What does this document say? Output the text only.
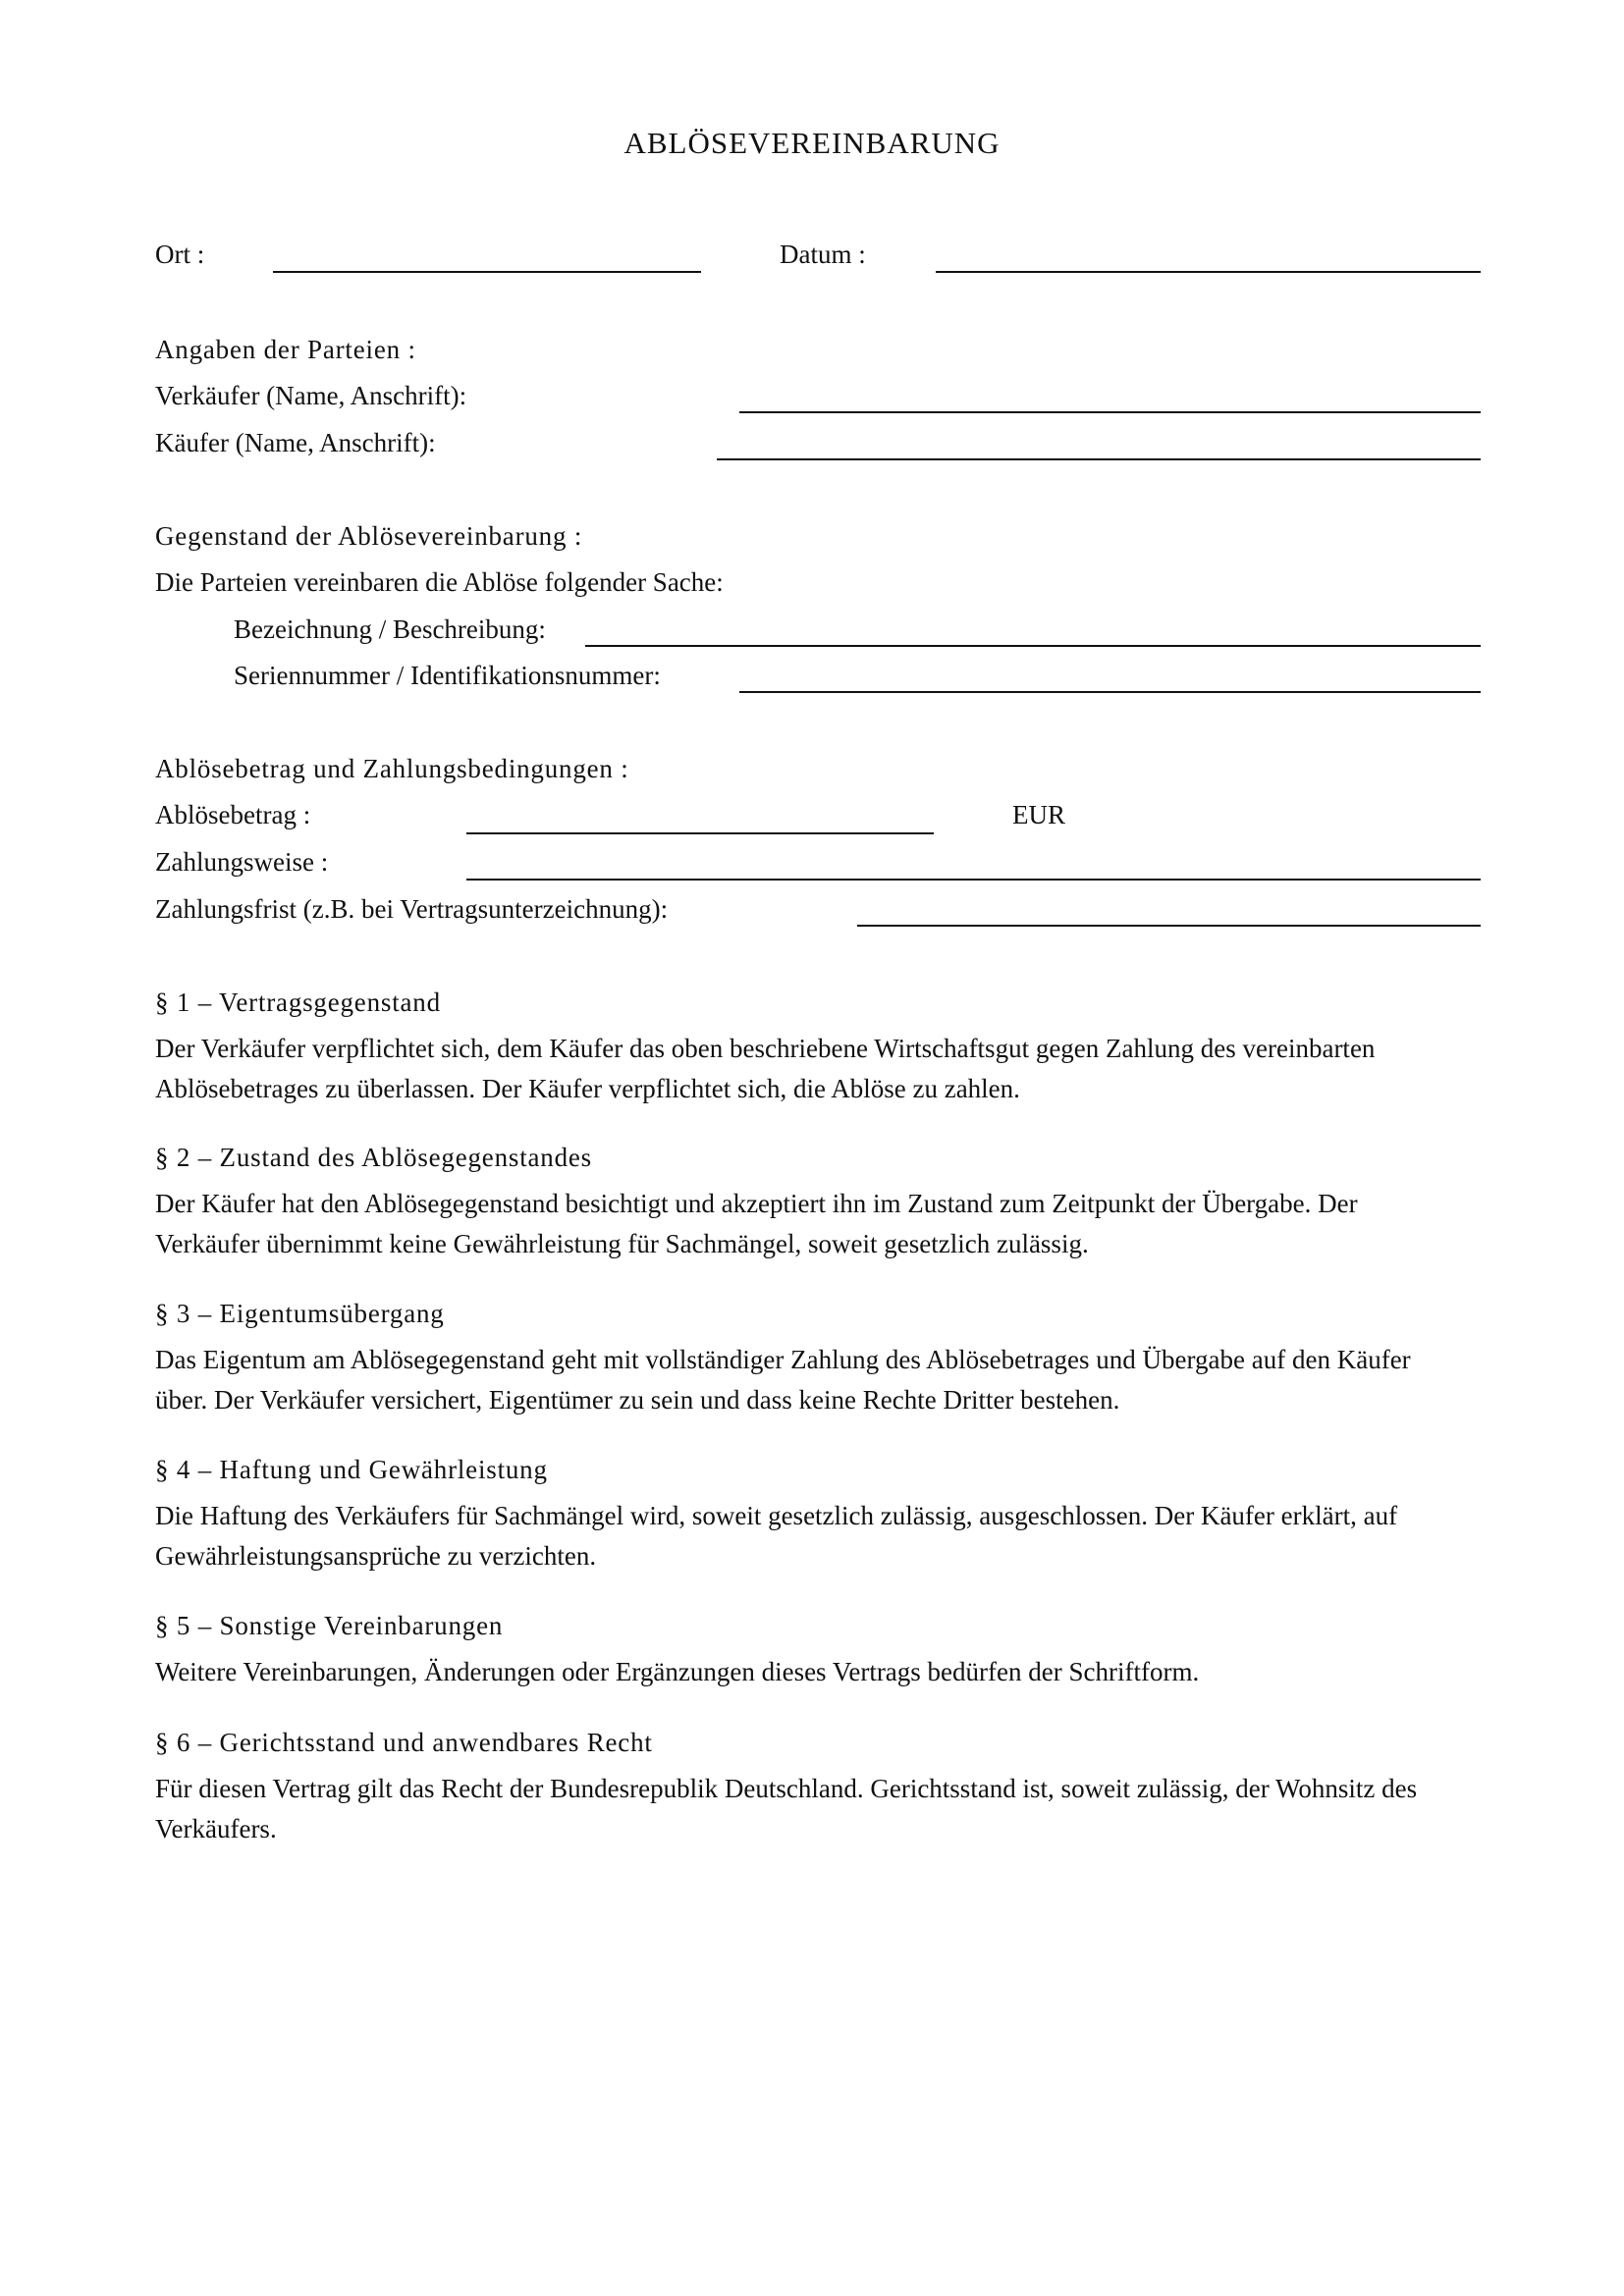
ABLÖSEVEREINBARUNG
Ort :	Datum :
Angaben der Parteien :
Verkäufer (Name, Anschrift):
Käufer (Name, Anschrift):
Gegenstand der Ablösevereinbarung :
Die Parteien vereinbaren die Ablöse folgender Sache:
Bezeichnung / Beschreibung:
Seriennummer / Identifikationsnummer:
Ablösebetrag und Zahlungsbedingungen :
Ablösebetrag :	EUR
Zahlungsweise :
Zahlungsfrist (z.B. bei Vertragsunterzeichnung):
§ 1 – Vertragsgegenstand
Der Verkäufer verpflichtet sich, dem Käufer das oben beschriebene Wirtschaftsgut gegen Zahlung des vereinbarten
Ablösebetrages zu überlassen. Der Käufer verpflichtet sich, die Ablöse zu zahlen.
§ 2 – Zustand des Ablösegegenstandes
Der Käufer hat den Ablösegegenstand besichtigt und akzeptiert ihn im Zustand zum Zeitpunkt der Übergabe. Der
Verkäufer übernimmt keine Gewährleistung für Sachmängel, soweit gesetzlich zulässig.
§ 3 – Eigentumsübergang
Das Eigentum am Ablösegegenstand geht mit vollständiger Zahlung des Ablösebetrages und Übergabe auf den Käufer
über. Der Verkäufer versichert, Eigentümer zu sein und dass keine Rechte Dritter bestehen.
§ 4 – Haftung und Gewährleistung
Die Haftung des Verkäufers für Sachmängel wird, soweit gesetzlich zulässig, ausgeschlossen. Der Käufer erklärt, auf
Gewährleistungsansprüche zu verzichten.
§ 5 – Sonstige Vereinbarungen
Weitere Vereinbarungen, Änderungen oder Ergänzungen dieses Vertrags bedürfen der Schriftform.
§ 6 – Gerichtsstand und anwendbares Recht
Für diesen Vertrag gilt das Recht der Bundesrepublik Deutschland. Gerichtsstand ist, soweit zulässig, der Wohnsitz des
Verkäufers.
